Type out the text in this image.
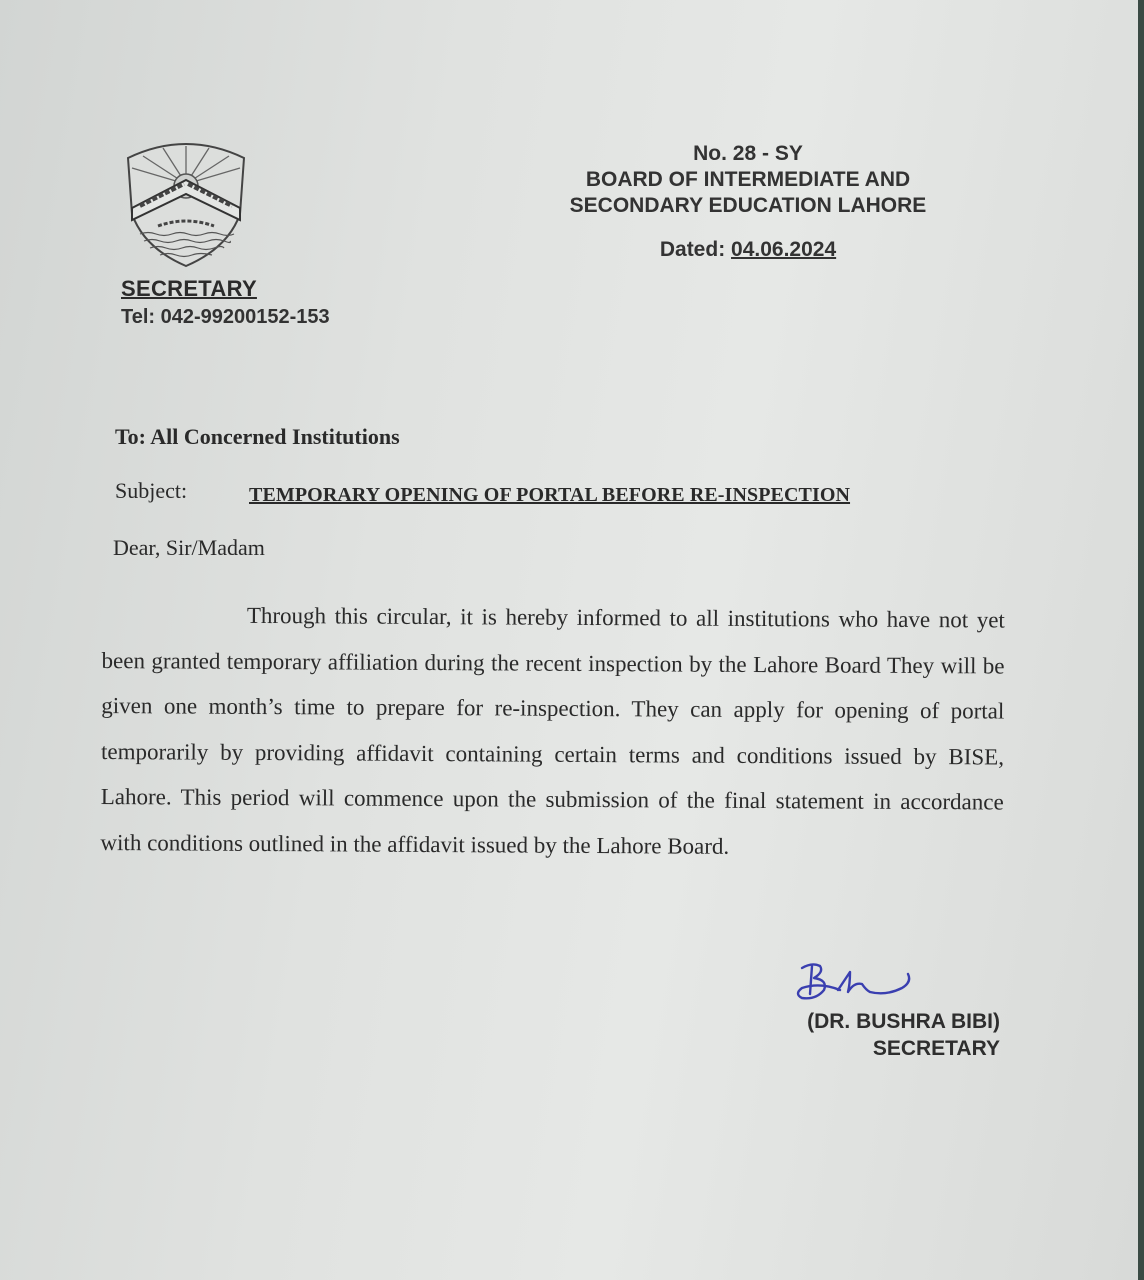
SECRETARY
Tel: 042-99200152-153
No. 28 - SY
BOARD OF INTERMEDIATE AND
SECONDARY EDUCATION LAHORE
Dated: 04.06.2024
To: All Concerned Institutions
Subject:	TEMPORARY OPENING OF PORTAL BEFORE RE-INSPECTION
Dear, Sir/Madam
Through this circular, it is hereby informed to all institutions who have not yet been granted temporary affiliation during the recent inspection by the Lahore Board They will be given one month’s time to prepare for re-inspection. They can apply for opening of portal temporarily by providing affidavit containing certain terms and conditions issued by BISE, Lahore. This period will commence upon the submission of the final statement in accordance with conditions outlined in the affidavit issued by the Lahore Board.
(DR. BUSHRA BIBI)
SECRETARY
